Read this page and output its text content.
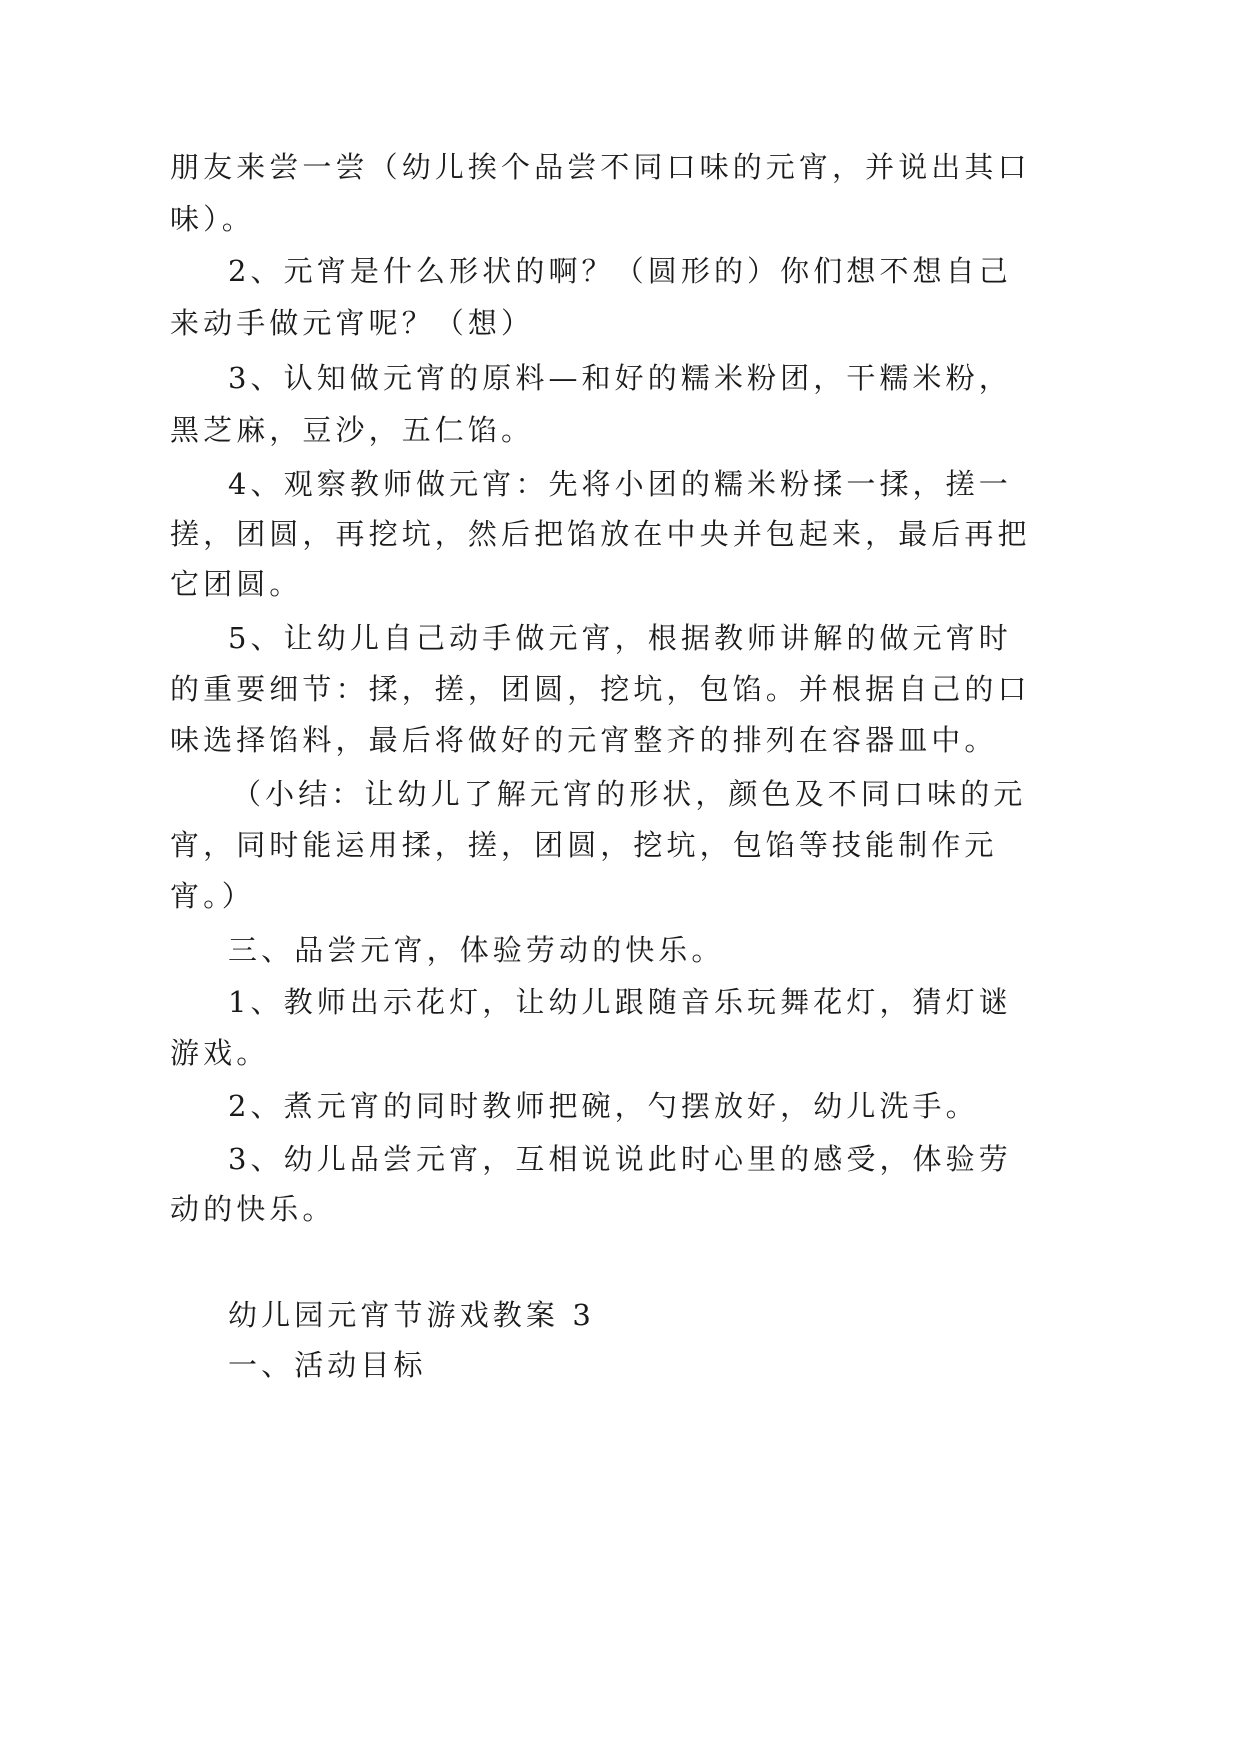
朋友来尝一尝（幼儿挨个品尝不同口味的元宵，并说出其口
味）。
2、元宵是什么形状的啊？（圆形的）你们想不想自己
来动手做元宵呢？（想）
3、认知做元宵的原料—和好的糯米粉团，干糯米粉，
黑芝麻，豆沙，五仁馅。
4、观察教师做元宵：先将小团的糯米粉揉一揉，搓一
搓，团圆，再挖坑，然后把馅放在中央并包起来，最后再把
它团圆。
5、让幼儿自己动手做元宵，根据教师讲解的做元宵时
的重要细节：揉，搓，团圆，挖坑，包馅。并根据自己的口
味选择馅料，最后将做好的元宵整齐的排列在容器皿中。
（小结：让幼儿了解元宵的形状，颜色及不同口味的元
宵，同时能运用揉，搓，团圆，挖坑，包馅等技能制作元
宵。）
三、品尝元宵，体验劳动的快乐。
1、教师出示花灯，让幼儿跟随音乐玩舞花灯，猜灯谜
游戏。
2、煮元宵的同时教师把碗，勺摆放好，幼儿洗手。
3、幼儿品尝元宵，互相说说此时心里的感受，体验劳
动的快乐。
幼儿园元宵节游戏教案 3
一、活动目标
